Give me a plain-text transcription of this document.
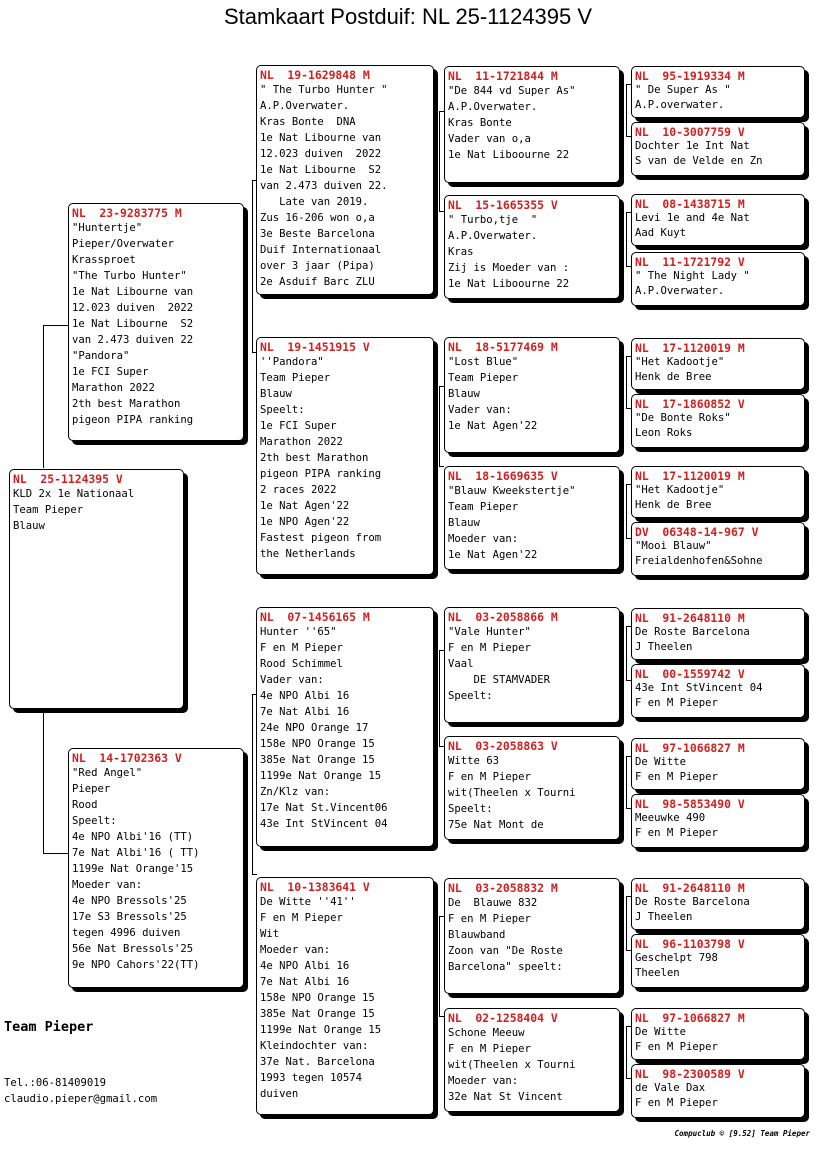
Stamkaart Postduif: NL 25-1124395 V
NL  25-1124395 V
KLD 2x 1e Nationaal
Team Pieper
Blauw
NL  23-9283775 M
"Huntertje"
Pieper/Overwater
Krassproet
"The Turbo Hunter"
1e Nat Libourne van
12.023 duiven  2022
1e Nat Libourne  S2
van 2.473 duiven 22
"Pandora"
1e FCI Super
Marathon 2022
2th best Marathon
pigeon PIPA ranking
NL  14-1702363 V
"Red Angel"
Pieper
Rood
Speelt:
4e NPO Albi'16 (TT)
7e Nat Albi'16 ( TT)
1199e Nat Orange'15
Moeder van:
4e NPO Bressols'25
17e S3 Bressols'25
tegen 4996 duiven
56e Nat Bressols'25
9e NPO Cahors'22(TT)
NL  19-1629848 M
" The Turbo Hunter "
A.P.Overwater.
Kras Bonte  DNA
1e Nat Libourne van
12.023 duiven  2022
1e Nat Libourne  S2
van 2.473 duiven 22.
Late van 2019.
Zus 16-206 won o,a
3e Beste Barcelona
Duif Internationaal
over 3 jaar (Pipa)
2e Asduif Barc ZLU
NL  19-1451915 V
''Pandora"
Team Pieper
Blauw
Speelt:
1e FCI Super
Marathon 2022
2th best Marathon
pigeon PIPA ranking
2 races 2022
1e Nat Agen'22
1e NPO Agen'22
Fastest pigeon from
the Netherlands
NL  07-1456165 M
Hunter ''65"
F en M Pieper
Rood Schimmel
Vader van:
4e NPO Albi 16
7e Nat Albi 16
24e NPO Orange 17
158e NPO Orange 15
385e Nat Orange 15
1199e Nat Orange 15
Zn/Klz van:
17e Nat St.Vincent06
43e Int StVincent 04
NL  10-1383641 V
De Witte ''41''
F en M Pieper
Wit
Moeder van:
4e NPO Albi 16
7e Nat Albi 16
158e NPO Orange 15
385e Nat Orange 15
1199e Nat Orange 15
Kleindochter van:
37e Nat. Barcelona
1993 tegen 10574
duiven
NL  11-1721844 M
"De 844 vd Super As"
A.P.Overwater.
Kras Bonte
Vader van o,a
1e Nat Liboourne 22
NL  15-1665355 V
" Turbo,tje  "
A.P.Overwater.
Kras
Zij is Moeder van :
1e Nat Liboourne 22
NL  18-5177469 M
"Lost Blue"
Team Pieper
Blauw
Vader van:
1e Nat Agen'22
NL  18-1669635 V
"Blauw Kweekstertje"
Team Pieper
Blauw
Moeder van:
1e Nat Agen'22
NL  03-2058866 M
"Vale Hunter"
F en M Pieper
Vaal
DE STAMVADER
Speelt:
NL  03-2058863 V
Witte 63
F en M Pieper
wit(Theelen x Tourni
Speelt:
75e Nat Mont de
NL  03-2058832 M
De  Blauwe 832
F en M Pieper
Blauwband
Zoon van "De Roste
Barcelona" speelt:
NL  02-1258404 V
Schone Meeuw
F en M Pieper
wit(Theelen x Tourni
Moeder van:
32e Nat St Vincent
NL  95-1919334 M
" De Super As "
A.P.overwater.
NL  10-3007759 V
Dochter 1e Int Nat
S van de Velde en Zn
NL  08-1438715 M
Levi 1e and 4e Nat
Aad Kuyt
NL  11-1721792 V
" The Night Lady "
A.P.Overwater.
NL  17-1120019 M
"Het Kadootje"
Henk de Bree
NL  17-1860852 V
"De Bonte Roks"
Leon Roks
NL  17-1120019 M
"Het Kadootje"
Henk de Bree
DV  06348-14-967 V
"Mooi Blauw"
Freialdenhofen&Sohne
NL  91-2648110 M
De Roste Barcelona
J Theelen
NL  00-1559742 V
43e Int StVincent 04
F en M Pieper
NL  97-1066827 M
De Witte
F en M Pieper
NL  98-5853490 V
Meeuwke 490
F en M Pieper
NL  91-2648110 M
De Roste Barcelona
J Theelen
NL  96-1103798 V
Geschelpt 798
Theelen
NL  97-1066827 M
De Witte
F en M Pieper
NL  98-2300589 V
de Vale Dax
F en M Pieper
Team Pieper
Tel.:06-81409019
claudio.pieper@gmail.com
Compuclub © [9.52] Team Pieper
